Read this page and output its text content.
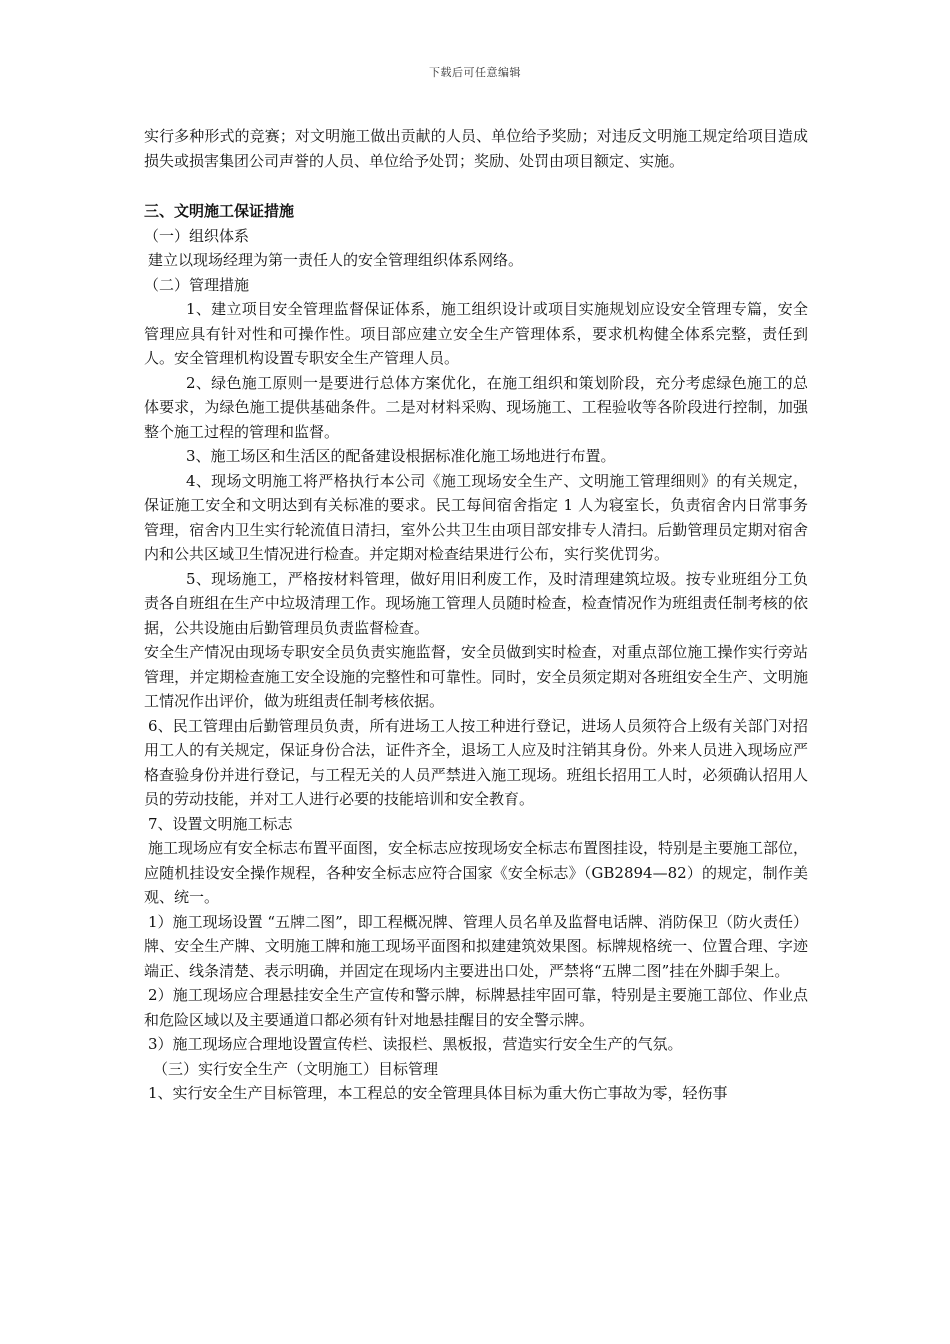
下载后可任意编辑

实行多种形式的竞赛；对文明施工做出贡献的人员、单位给予奖励；对违反文明施工规定给项目造成损失或损害集团公司声誉的人员、单位给予处罚；奖励、处罚由项目额定、实施。

三、文明施工保证措施

（一）组织体系

建立以现场经理为第一责任人的安全管理组织体系网络。

（二）管理措施

1、建立项目安全管理监督保证体系，施工组织设计或项目实施规划应设安全管理专篇，安全管理应具有针对性和可操作性。项目部应建立安全生产管理体系，要求机构健全体系完整，责任到人。安全管理机构设置专职安全生产管理人员。

2、绿色施工原则一是要进行总体方案优化，在施工组织和策划阶段，充分考虑绿色施工的总体要求，为绿色施工提供基础条件。二是对材料采购、现场施工、工程验收等各阶段进行控制，加强整个施工过程的管理和监督。

3、施工场区和生活区的配备建设根据标准化施工场地进行布置。

4、现场文明施工将严格执行本公司《施工现场安全生产、文明施工管理细则》的有关规定，保证施工安全和文明达到有关标准的要求。民工每间宿舍指定 1 人为寝室长，负责宿舍内日常事务管理，宿舍内卫生实行轮流值日清扫，室外公共卫生由项目部安排专人清扫。后勤管理员定期对宿舍内和公共区域卫生情况进行检查。并定期对检查结果进行公布，实行奖优罚劣。

5、现场施工，严格按材料管理，做好用旧利废工作，及时清理建筑垃圾。按专业班组分工负责各自班组在生产中垃圾清理工作。现场施工管理人员随时检查，检查情况作为班组责任制考核的依据，公共设施由后勤管理员负责监督检查。

安全生产情况由现场专职安全员负责实施监督，安全员做到实时检查，对重点部位施工操作实行旁站管理，并定期检查施工安全设施的完整性和可靠性。同时，安全员须定期对各班组安全生产、文明施工情况作出评价，做为班组责任制考核依据。

6、民工管理由后勤管理员负责，所有进场工人按工种进行登记，进场人员须符合上级有关部门对招用工人的有关规定，保证身份合法，证件齐全，退场工人应及时注销其身份。外来人员进入现场应严格查验身份并进行登记，与工程无关的人员严禁进入施工现场。班组长招用工人时，必须确认招用人员的劳动技能，并对工人进行必要的技能培训和安全教育。

7、设置文明施工标志

施工现场应有安全标志布置平面图，安全标志应按现场安全标志布置图挂设，特别是主要施工部位，应随机挂设安全操作规程，各种安全标志应符合国家《安全标志》（GB2894—82）的规定，制作美观、统一。

1）施工现场设置 “五牌二图”，即工程概况牌、管理人员名单及监督电话牌、消防保卫（防火责任）牌、安全生产牌、文明施工牌和施工现场平面图和拟建建筑效果图。标牌规格统一、位置合理、字迹端正、线条清楚、表示明确，并固定在现场内主要进出口处，严禁将“五牌二图”挂在外脚手架上。

2）施工现场应合理悬挂安全生产宣传和警示牌，标牌悬挂牢固可靠，特别是主要施工部位、作业点和危险区域以及主要通道口都必须有针对地悬挂醒目的安全警示牌。

3）施工现场应合理地设置宣传栏、读报栏、黑板报，营造实行安全生产的气氛。

（三）实行安全生产（文明施工）目标管理

1、实行安全生产目标管理，本工程总的安全管理具体目标为重大伤亡事故为零，轻伤事
